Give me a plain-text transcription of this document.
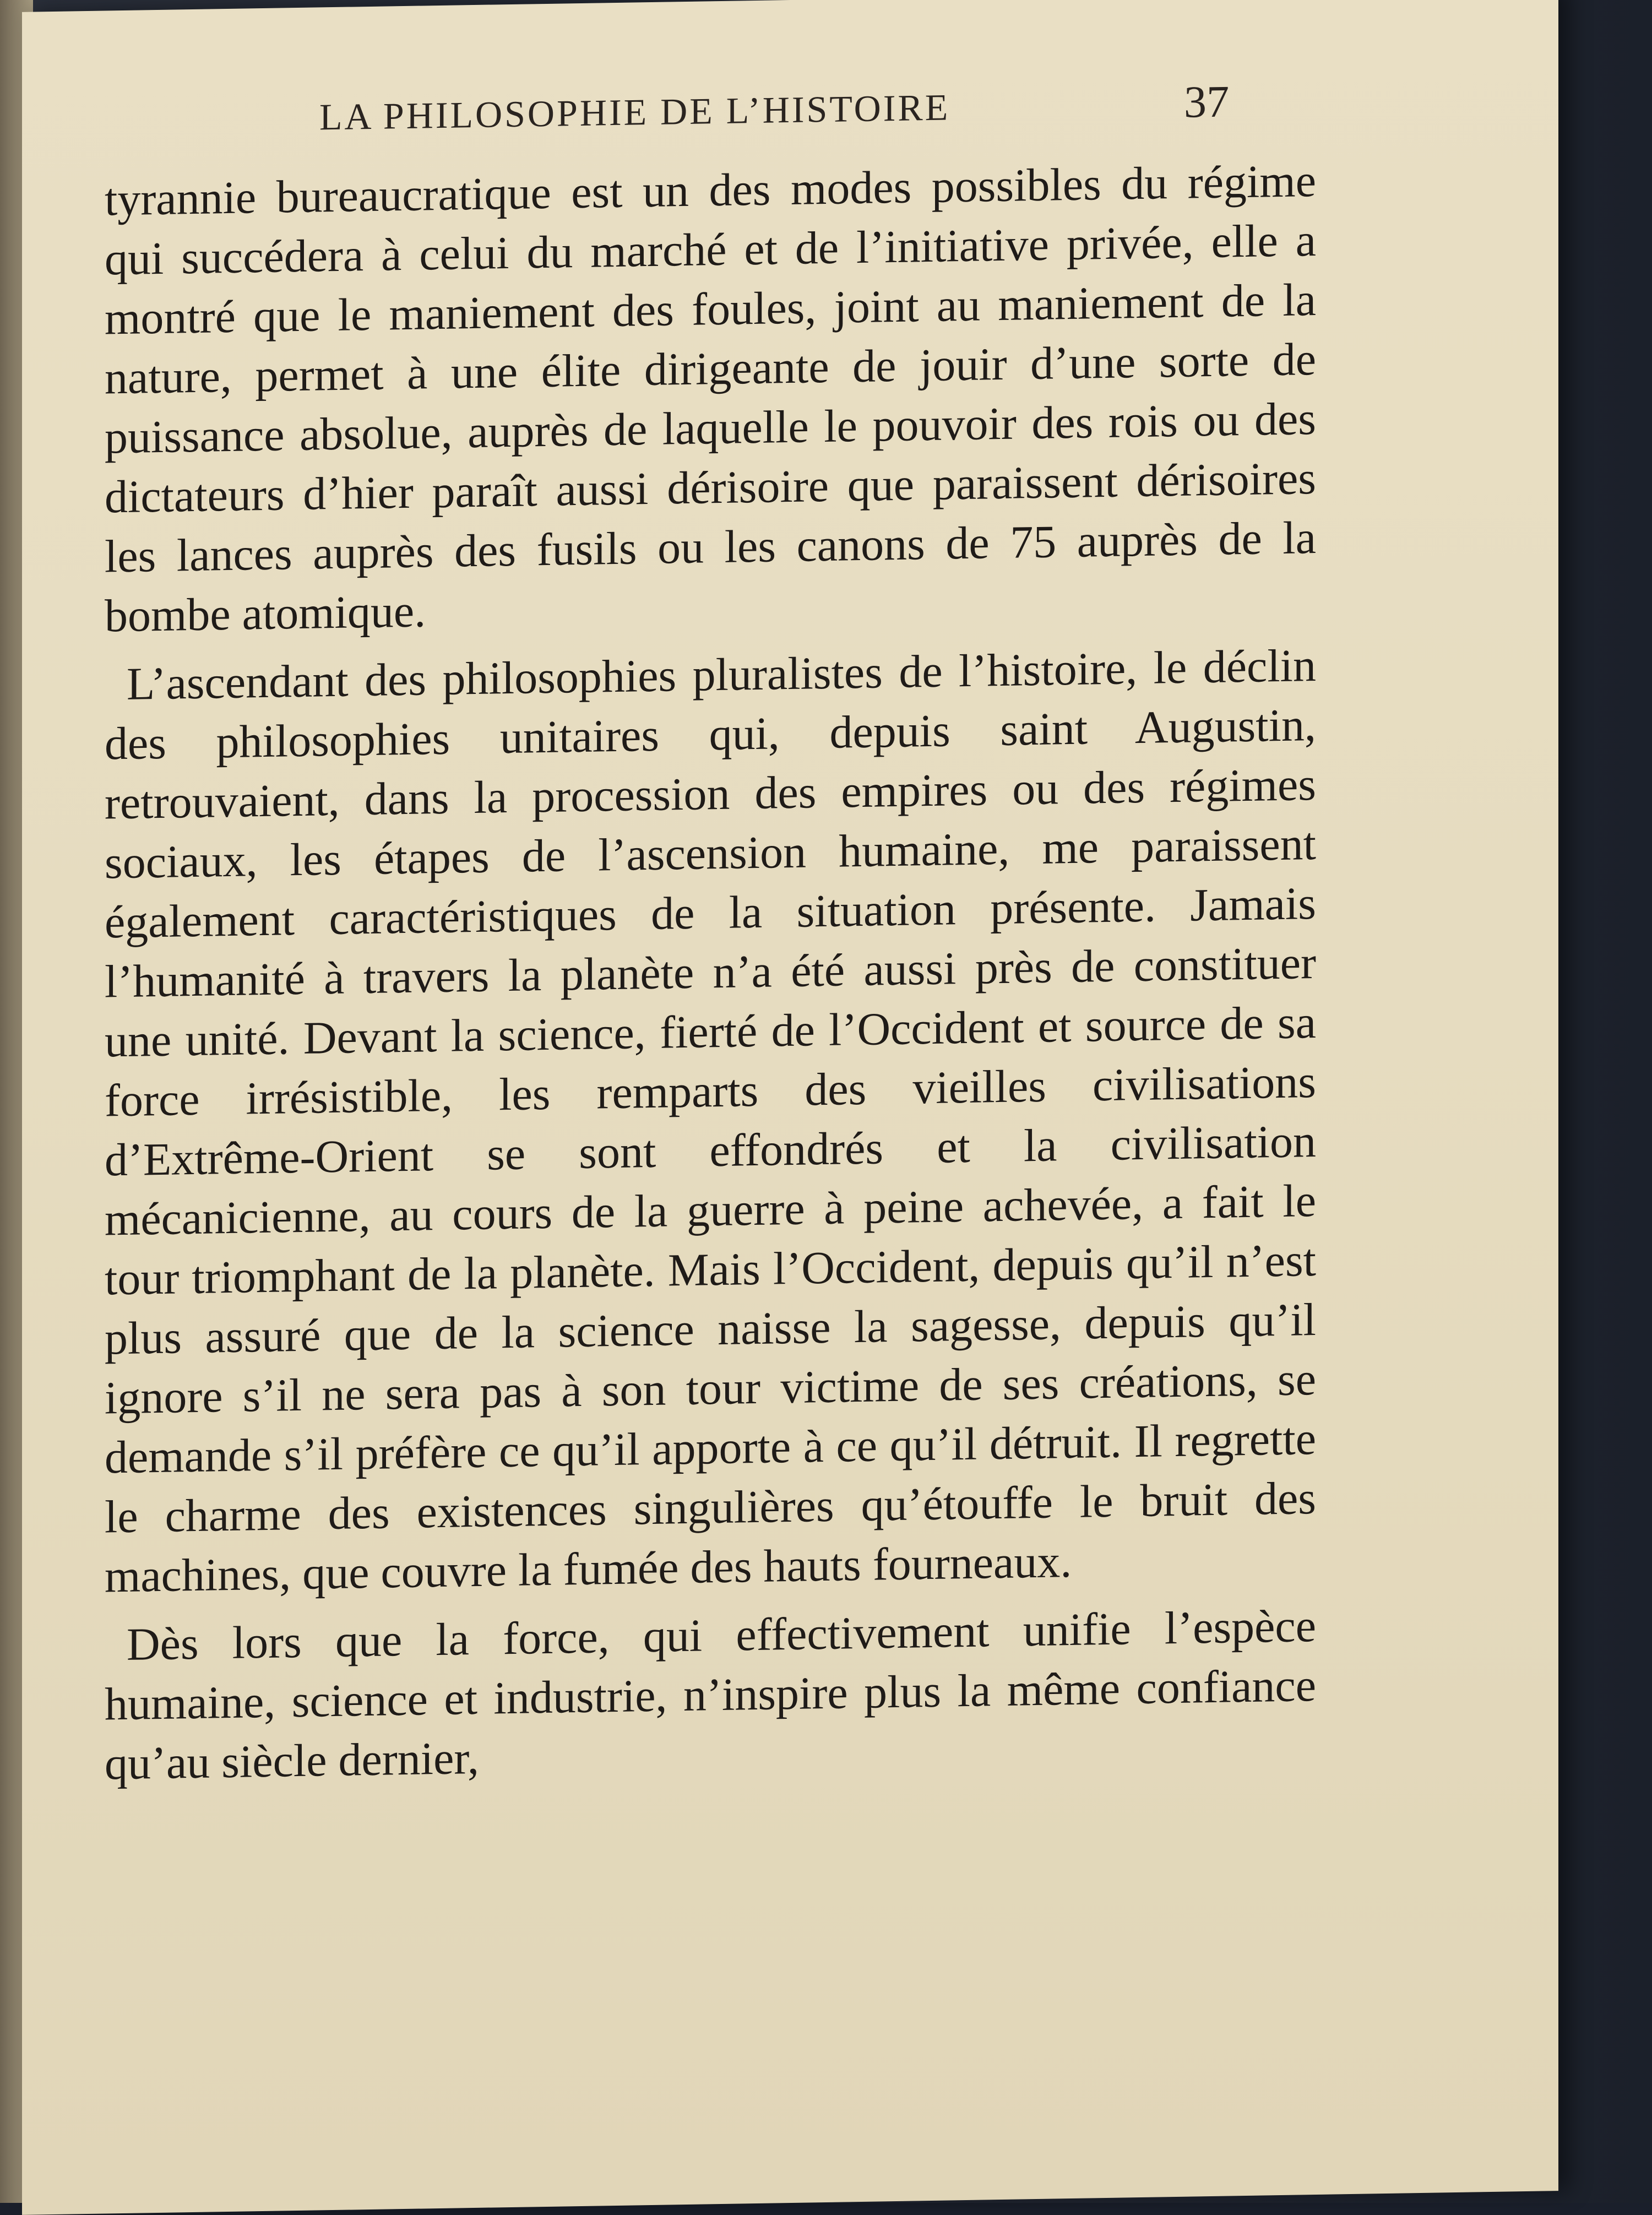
LA PHILOSOPHIE DE L’HISTOIRE	37

tyrannie bureaucratique est un des modes possibles du régime qui succédera à celui du marché et de l’initiative privée, elle a montré que le maniement des foules, joint au maniement de la nature, permet à une élite dirigeante de jouir d’une sorte de puissance absolue, auprès de laquelle le pouvoir des rois ou des dictateurs d’hier paraît aussi dérisoire que paraissent dérisoires les lances auprès des fusils ou les canons de 75 auprès de la bombe atomique.

L’ascendant des philosophies pluralistes de l’histoire, le déclin des philosophies unitaires qui, depuis saint Augustin, retrouvaient, dans la procession des empires ou des régimes sociaux, les étapes de l’ascension humaine, me paraissent également caractéristiques de la situation présente. Jamais l’humanité à travers la planète n’a été aussi près de constituer une unité. Devant la science, fierté de l’Occident et source de sa force irrésistible, les remparts des vieilles civilisations d’Extrême-Orient se sont effondrés et la civilisation mécanicienne, au cours de la guerre à peine achevée, a fait le tour triomphant de la planète. Mais l’Occident, depuis qu’il n’est plus assuré que de la science naisse la sagesse, depuis qu’il ignore s’il ne sera pas à son tour victime de ses créations, se demande s’il préfère ce qu’il apporte à ce qu’il détruit. Il regrette le charme des existences singulières qu’étouffe le bruit des machines, que couvre la fumée des hauts fourneaux.

Dès lors que la force, qui effectivement unifie l’espèce humaine, science et industrie, n’inspire plus la même confiance qu’au siècle dernier,
